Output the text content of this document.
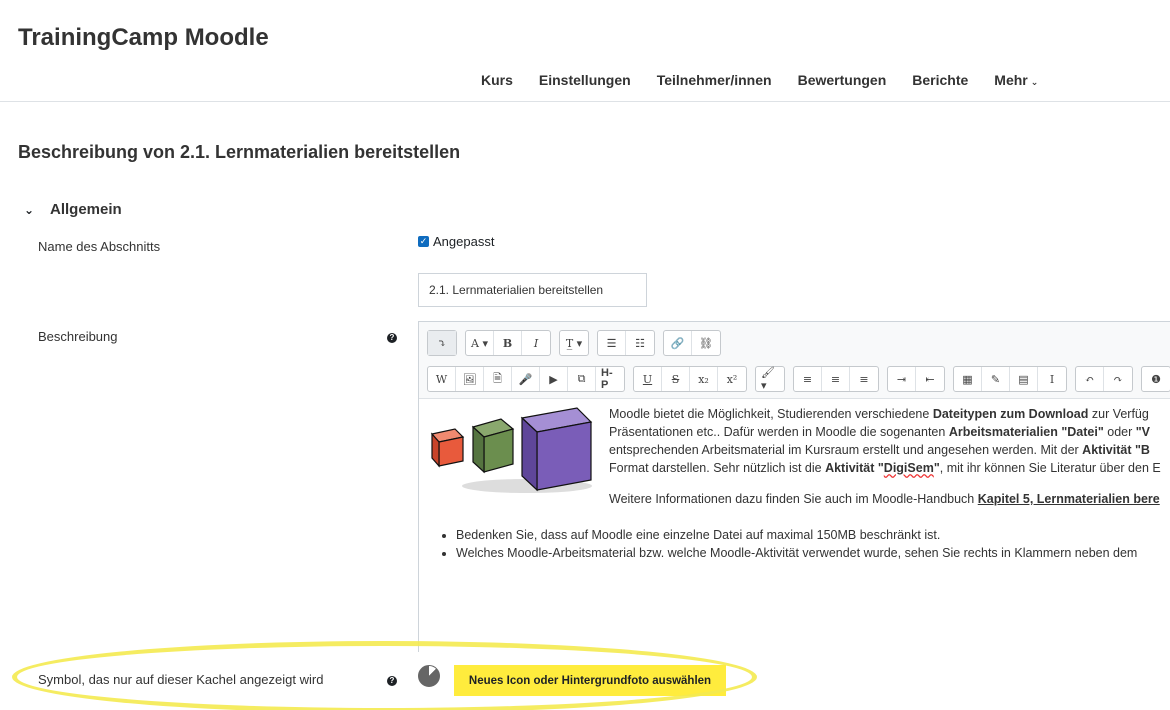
TrainingCamp Moodle
Kurs	Einstellungen	Teilnehmer/innen	Bewertungen	Berichte	Mehr ⌄
Beschreibung von 2.1. Lernmaterialien bereitstellen
⌄	Allgemein
Name des Abschnitts	✓ Angepasst
2.1. Lernmaterialien bereitstellen
Beschreibung	?	⤵	A ▾	B	I	T̲ ▾	☰	☷	🔗	⛓
W	🖼	🗎	🎤	▶	⧉	H-P	U	S	x₂	x²	🖌 ▾	≡	≡	≡	⇥	⇤	▦	✎	▤	Ⅰ	↶	↷	❶

Moodle bietet die Möglichkeit, Studierenden verschiedene Dateitypen zum Download zur Verfüg

Präsentationen etc.. Dafür werden in Moodle die sogenanten Arbeitsmaterialien "Datei" oder "V

entsprechenden Arbeitsmaterial im Kursraum erstellt und angesehen werden. Mit der Aktivität "B

Format darstellen. Sehr nützlich ist die Aktivität "DigiSem", mit ihr können Sie Literatur über den E

Weitere Informationen dazu finden Sie auch im Moodle-Handbuch Kapitel 5, Lernmaterialien bere

• Bedenken Sie, dass auf Moodle eine einzelne Datei auf maximal 150MB beschränkt ist.
• Welches Moodle-Arbeitsmaterial bzw. welche Moodle-Aktivität verwendet wurde, sehen Sie rechts in Klammern neben dem
Symbol, das nur auf dieser Kachel angezeigt wird	?	Neues Icon oder Hintergrundfoto auswählen
